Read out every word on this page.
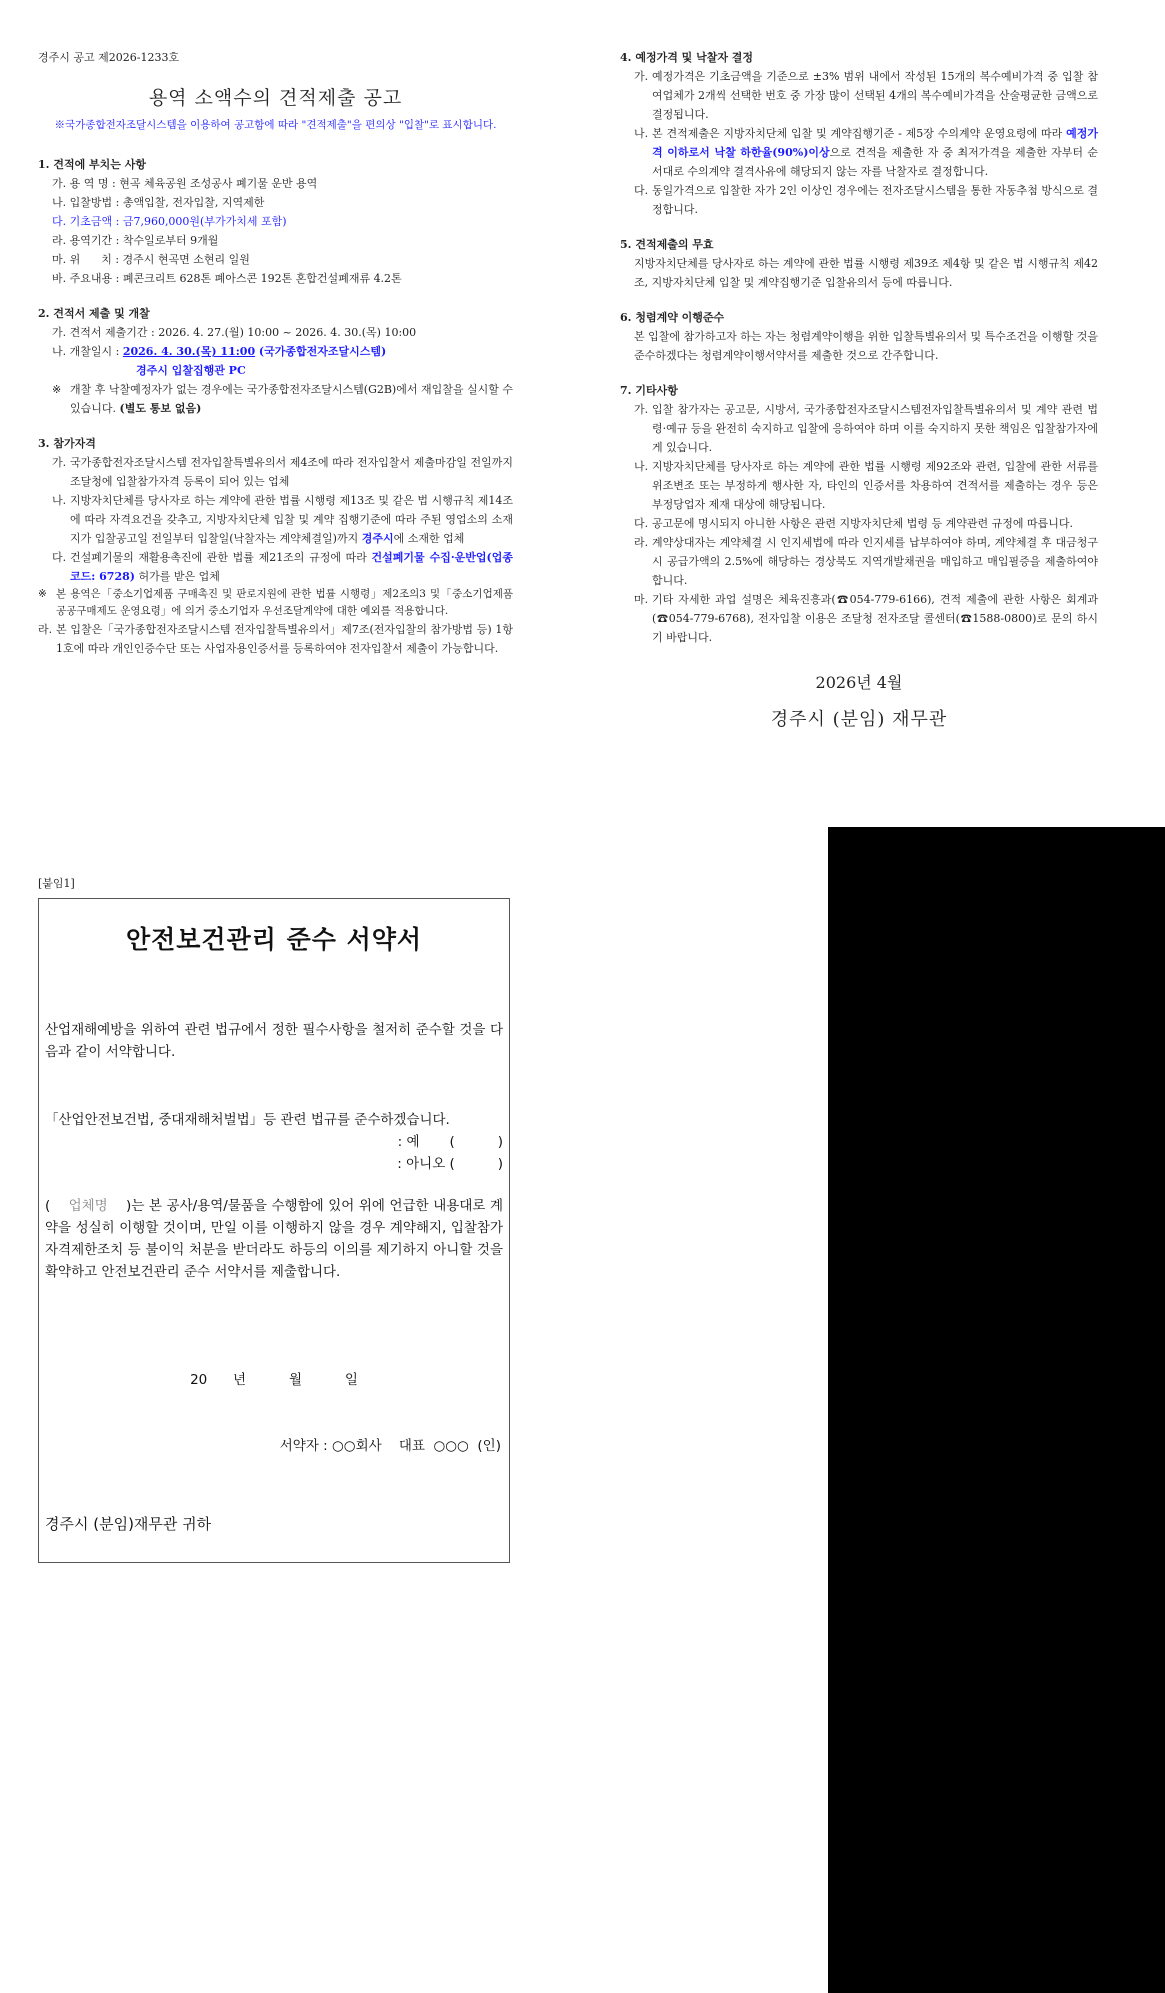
경주시 공고 제2026-1233호
용역 소액수의 견적제출 공고
※국가종합전자조달시스템을 이용하여 공고함에 따라 "견적제출"을 편의상 "입찰"로 표시합니다.
1. 견적에 부치는 사항
가. 용 역 명 : 현곡 체육공원 조성공사 폐기물 운반 용역
나. 입찰방법 : 총액입찰, 전자입찰, 지역제한
다. 기초금액 : 금7,960,000원(부가가치세 포함)
라. 용역기간 : 착수일로부터 9개월
마. 위      치 : 경주시 현곡면 소현리 일원
바. 주요내용 : 폐콘크리트 628톤 폐아스콘 192톤 혼합건설폐재류 4.2톤
2. 견적서 제출 및 개찰
가. 견적서 제출기간 : 2026. 4. 27.(월) 10:00 ~ 2026. 4. 30.(목) 10:00
나. 개찰일시 : 2026. 4. 30.(목) 11:00 (국가종합전자조달시스템)
경주시 입찰집행관 PC
※ 개찰 후 낙찰예정자가 없는 경우에는 국가종합전자조달시스템(G2B)에서 재입찰을 실시할 수 있습니다. (별도 통보 없음)
3. 참가자격
가. 국가종합전자조달시스템 전자입찰특별유의서 제4조에 따라 전자입찰서 제출마감일 전일까지 조달청에 입찰참가자격 등록이 되어 있는 업체
나. 지방자치단체를 당사자로 하는 계약에 관한 법률 시행령 제13조 및 같은 법 시행규칙 제14조에 따라 자격요건을 갖추고, 지방자치단체 입찰 및 계약 집행기준에 따라 주된 영업소의 소재지가 입찰공고일 전일부터 입찰일(낙찰자는 계약체결일)까지 경주시에 소재한 업체
다. 건설폐기물의 재활용촉진에 관한 법률 제21조의 규정에 따라 건설폐기물 수집·운반업(업종코드: 6728) 허가를 받은 업체
※ 본 용역은「중소기업제품 구매촉진 및 판로지원에 관한 법률 시행령」제2조의3 및「중소기업제품 공공구매제도 운영요령」에 의거 중소기업자 우선조달계약에 대한 예외를 적용합니다.
라. 본 입찰은「국가종합전자조달시스템 전자입찰특별유의서」제7조(전자입찰의 참가방법 등) 1항 1호에 따라 개인인증수단 또는 사업자용인증서를 등록하여야 전자입찰서 제출이 가능합니다.
4. 예정가격 및 낙찰자 결정
가. 예정가격은 기초금액을 기준으로 ±3% 범위 내에서 작성된 15개의 복수예비가격 중 입찰 참여업체가 2개씩 선택한 번호 중 가장 많이 선택된 4개의 복수예비가격을 산술평균한 금액으로 결정됩니다.
나. 본 견적제출은 지방자치단체 입찰 및 계약집행기준 - 제5장 수의계약 운영요령에 따라 예정가격 이하로서 낙찰 하한율(90%)이상으로 견적을 제출한 자 중 최저가격을 제출한 자부터 순서대로 수의계약 결격사유에 해당되지 않는 자를 낙찰자로 결정합니다.
다. 동일가격으로 입찰한 자가 2인 이상인 경우에는 전자조달시스템을 통한 자동추첨 방식으로 결정합니다.
5. 견적제출의 무효
지방자치단체를 당사자로 하는 계약에 관한 법률 시행령 제39조 제4항 및 같은 법 시행규칙 제42조, 지방자치단체 입찰 및 계약집행기준 입찰유의서 등에 따릅니다.
6. 청렴계약 이행준수
본 입찰에 참가하고자 하는 자는 청렴계약이행을 위한 입찰특별유의서 및 특수조건을 이행할 것을 준수하겠다는 청렴계약이행서약서를 제출한 것으로 간주합니다.
7. 기타사항
가. 입찰 참가자는 공고문, 시방서, 국가종합전자조달시스템전자입찰특별유의서 및 계약 관련 법령·예규 등을 완전히 숙지하고 입찰에 응하여야 하며 이를 숙지하지 못한 책임은 입찰참가자에게 있습니다.
나. 지방자치단체를 당사자로 하는 계약에 관한 법률 시행령 제92조와 관련, 입찰에 관한 서류를 위조변조 또는 부정하게 행사한 자, 타인의 인증서를 차용하여 견적서를 제출하는 경우 등은 부정당업자 제재 대상에 해당됩니다.
다. 공고문에 명시되지 아니한 사항은 관련 지방자치단체 법령 등 계약관련 규정에 따릅니다.
라. 계약상대자는 계약체결 시 인지세법에 따라 인지세를 납부하여야 하며, 계약체결 후 대금청구 시 공급가액의 2.5%에 해당하는 경상북도 지역개발채권을 매입하고 매입필증을 제출하여야 합니다.
마. 기타 자세한 과업 설명은 체육진흥과(☎054-779-6166), 견적 제출에 관한 사항은 회계과(☎054-779-6768), 전자입찰 이용은 조달청 전자조달 콜센터(☎1588-0800)로 문의 하시기 바랍니다.
2026년 4월
경주시 (분임) 재무관
[붙임1]
안전보건관리 준수 서약서
산업재해예방을 위하여 관련 법규에서 정한 필수사항을 철저히 준수할 것을 다음과 같이 서약합니다.
「산업안전보건법, 중대재해처벌법」등 관련 법규를 준수하겠습니다.
: 예       (          )
: 아니오 (          )
( 업체명 )는 본 공사/용역/물품을 수행함에 있어 위에 언급한 내용대로 계약을 성실히 이행할 것이며, 만일 이를 이행하지 않을 경우 계약해지, 입찰참가자격제한조치 등 불이익 처분을 받더라도 하등의 이의를 제기하지 아니할 것을 확약하고 안전보건관리 준수 서약서를 제출합니다.
20      년          월          일
서약자 : ○○회사    대표  ○○○  (인)
경주시 (분임)재무관 귀하
